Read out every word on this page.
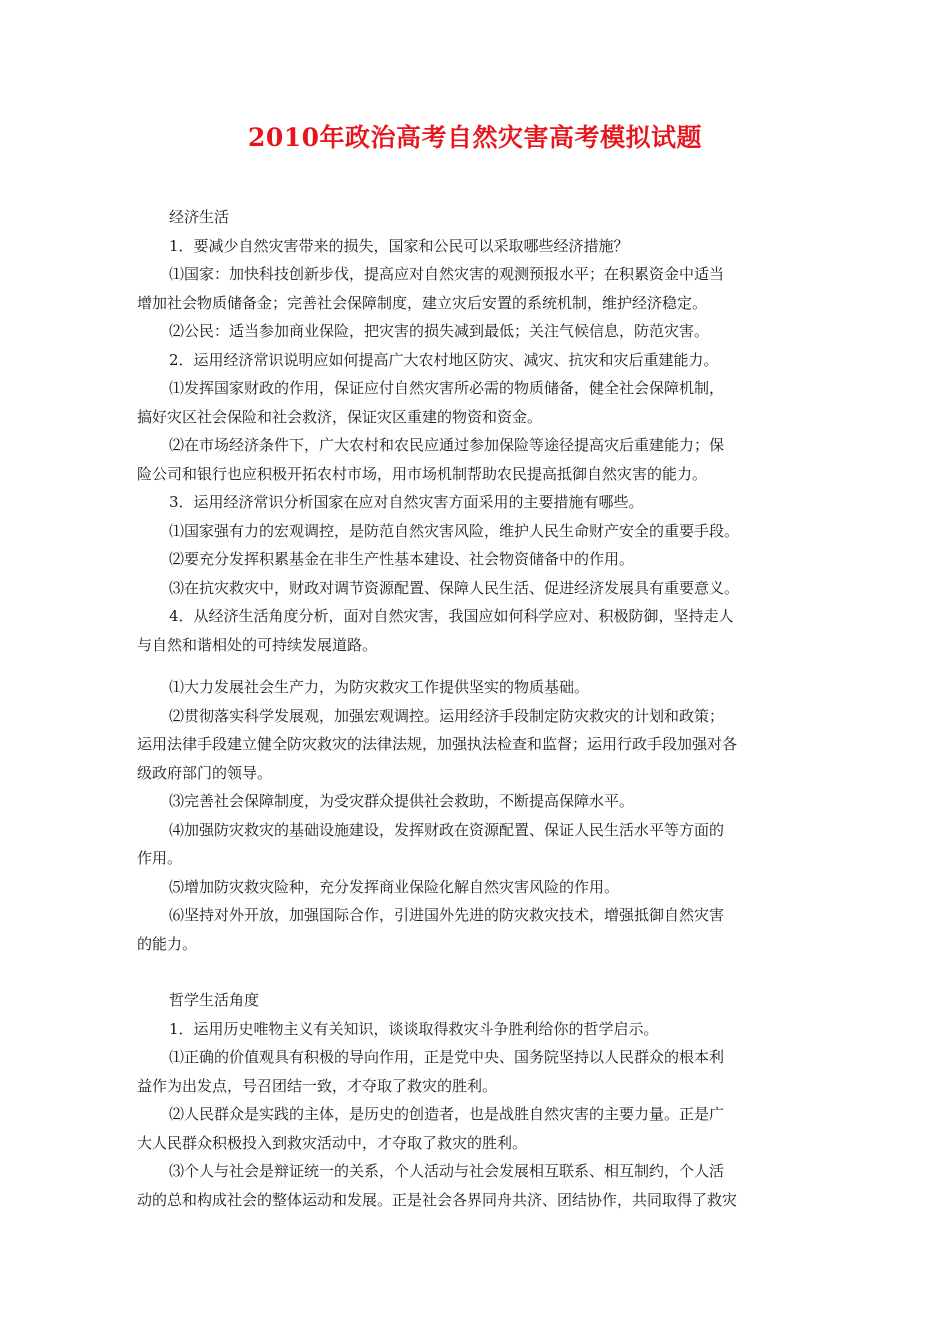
2010年政治高考自然灾害高考模拟试题

经济生活

1．要减少自然灾害带来的损失，国家和公民可以采取哪些经济措施？

⑴国家：加快科技创新步伐，提高应对自然灾害的观测预报水平；在积累资金中适当

增加社会物质储备金；完善社会保障制度，建立灾后安置的系统机制，维护经济稳定。

⑵公民：适当参加商业保险，把灾害的损失减到最低；关注气候信息，防范灾害。

2．运用经济常识说明应如何提高广大农村地区防灾、减灾、抗灾和灾后重建能力。

⑴发挥国家财政的作用，保证应付自然灾害所必需的物质储备，健全社会保障机制，

搞好灾区社会保险和社会救济，保证灾区重建的物资和资金。

⑵在市场经济条件下，广大农村和农民应通过参加保险等途径提高灾后重建能力；保

险公司和银行也应积极开拓农村市场，用市场机制帮助农民提高抵御自然灾害的能力。

3．运用经济常识分析国家在应对自然灾害方面采用的主要措施有哪些。

⑴国家强有力的宏观调控，是防范自然灾害风险，维护人民生命财产安全的重要手段。

⑵要充分发挥积累基金在非生产性基本建设、社会物资储备中的作用。

⑶在抗灾救灾中，财政对调节资源配置、保障人民生活、促进经济发展具有重要意义。

4．从经济生活角度分析，面对自然灾害，我国应如何科学应对、积极防御，坚持走人

与自然和谐相处的可持续发展道路。

⑴大力发展社会生产力，为防灾救灾工作提供坚实的物质基础。

⑵贯彻落实科学发展观，加强宏观调控。运用经济手段制定防灾救灾的计划和政策；

运用法律手段建立健全防灾救灾的法律法规，加强执法检查和监督；运用行政手段加强对各

级政府部门的领导。

⑶完善社会保障制度，为受灾群众提供社会救助，不断提高保障水平。

⑷加强防灾救灾的基础设施建设，发挥财政在资源配置、保证人民生活水平等方面的

作用。

⑸增加防灾救灾险种，充分发挥商业保险化解自然灾害风险的作用。

⑹坚持对外开放，加强国际合作，引进国外先进的防灾救灾技术，增强抵御自然灾害

的能力。

哲学生活角度

1．运用历史唯物主义有关知识，谈谈取得救灾斗争胜利给你的哲学启示。

⑴正确的价值观具有积极的导向作用，正是党中央、国务院坚持以人民群众的根本利

益作为出发点，号召团结一致，才夺取了救灾的胜利。

⑵人民群众是实践的主体，是历史的创造者，也是战胜自然灾害的主要力量。正是广

大人民群众积极投入到救灾活动中，才夺取了救灾的胜利。

⑶个人与社会是辩证统一的关系，个人活动与社会发展相互联系、相互制约，个人活

动的总和构成社会的整体运动和发展。正是社会各界同舟共济、团结协作，共同取得了救灾
